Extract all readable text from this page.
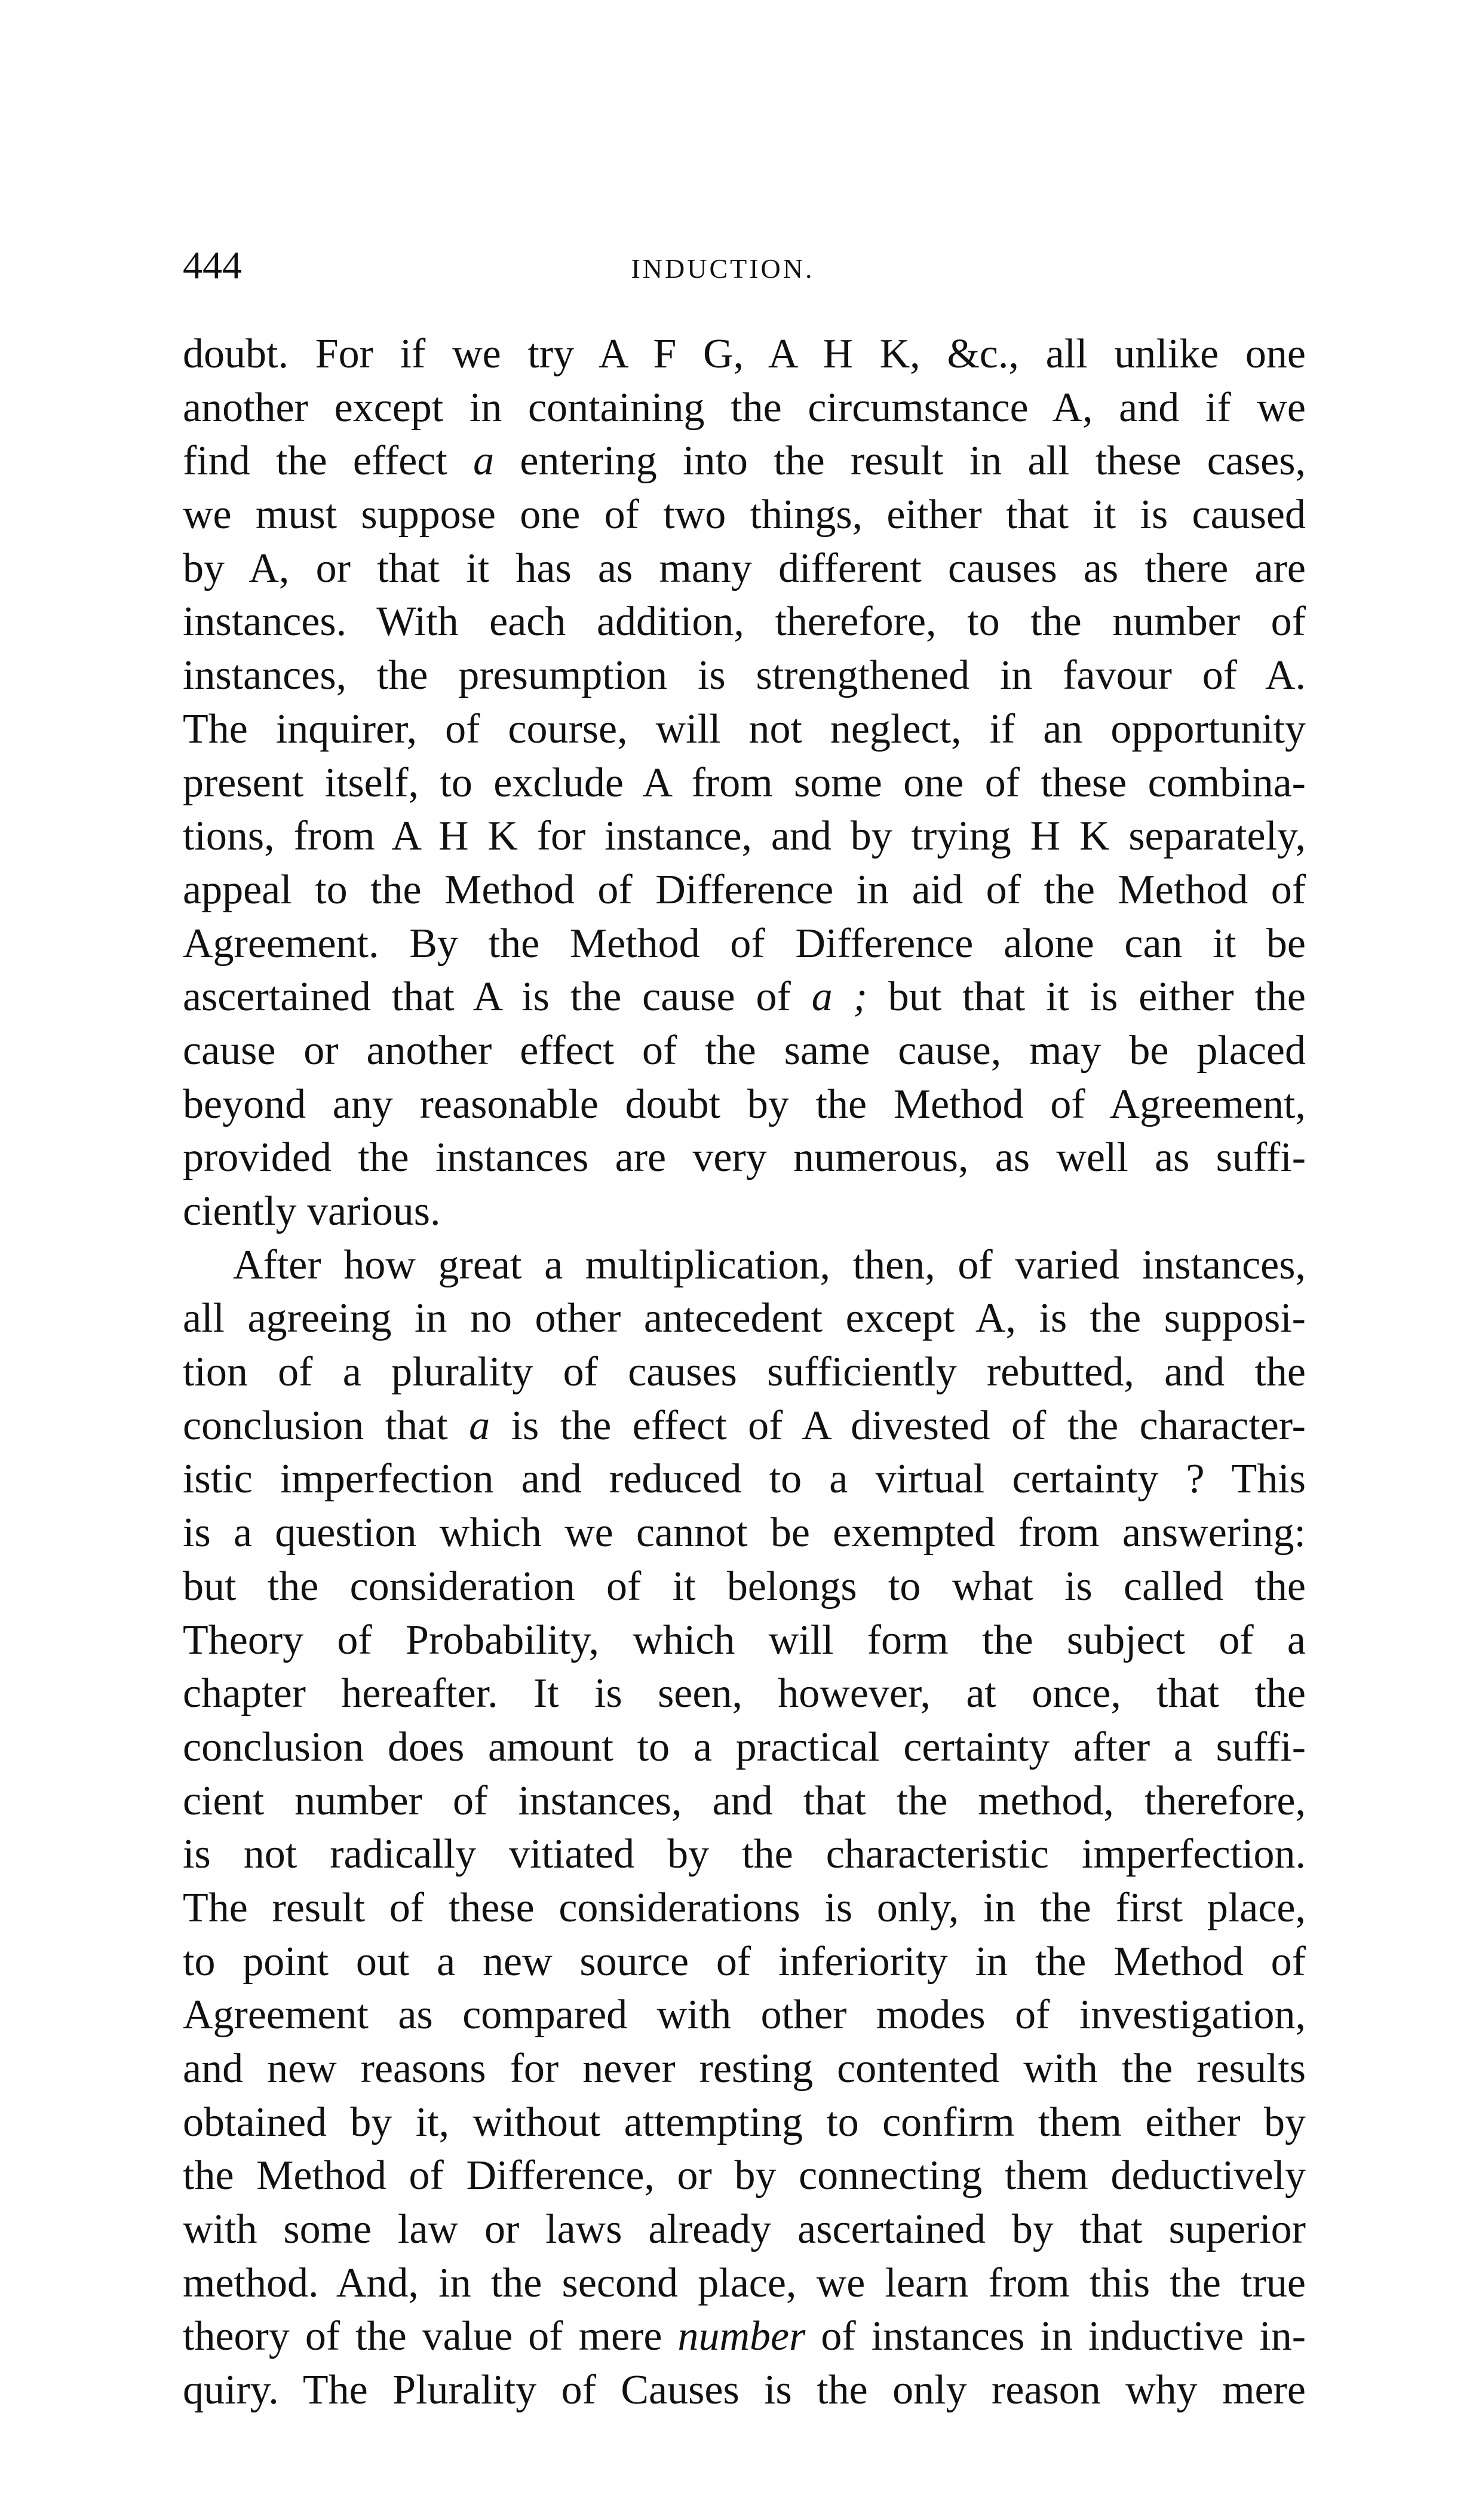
444	INDUCTION.
doubt. For if we try A F G, A H K, &c., all unlike one
another except in containing the circumstance A, and if we
find the effect a entering into the result in all these cases,
we must suppose one of two things, either that it is caused
by A, or that it has as many different causes as there are
instances. With each addition, therefore, to the number of
instances, the presumption is strengthened in favour of A.
The inquirer, of course, will not neglect, if an opportunity
present itself, to exclude A from some one of these combina-
tions, from A H K for instance, and by trying H K separately,
appeal to the Method of Difference in aid of the Method of
Agreement. By the Method of Difference alone can it be
ascertained that A is the cause of a ; but that it is either the
cause or another effect of the same cause, may be placed
beyond any reasonable doubt by the Method of Agreement,
provided the instances are very numerous, as well as suffi-
ciently various.
After how great a multiplication, then, of varied instances,
all agreeing in no other antecedent except A, is the supposi-
tion of a plurality of causes sufficiently rebutted, and the
conclusion that a is the effect of A divested of the character-
istic imperfection and reduced to a virtual certainty ? This
is a question which we cannot be exempted from answering:
but the consideration of it belongs to what is called the
Theory of Probability, which will form the subject of a
chapter hereafter. It is seen, however, at once, that the
conclusion does amount to a practical certainty after a suffi-
cient number of instances, and that the method, therefore,
is not radically vitiated by the characteristic imperfection.
The result of these considerations is only, in the first place,
to point out a new source of inferiority in the Method of
Agreement as compared with other modes of investigation,
and new reasons for never resting contented with the results
obtained by it, without attempting to confirm them either by
the Method of Difference, or by connecting them deductively
with some law or laws already ascertained by that superior
method. And, in the second place, we learn from this the true
theory of the value of mere number of instances in inductive in-
quiry. The Plurality of Causes is the only reason why mere
